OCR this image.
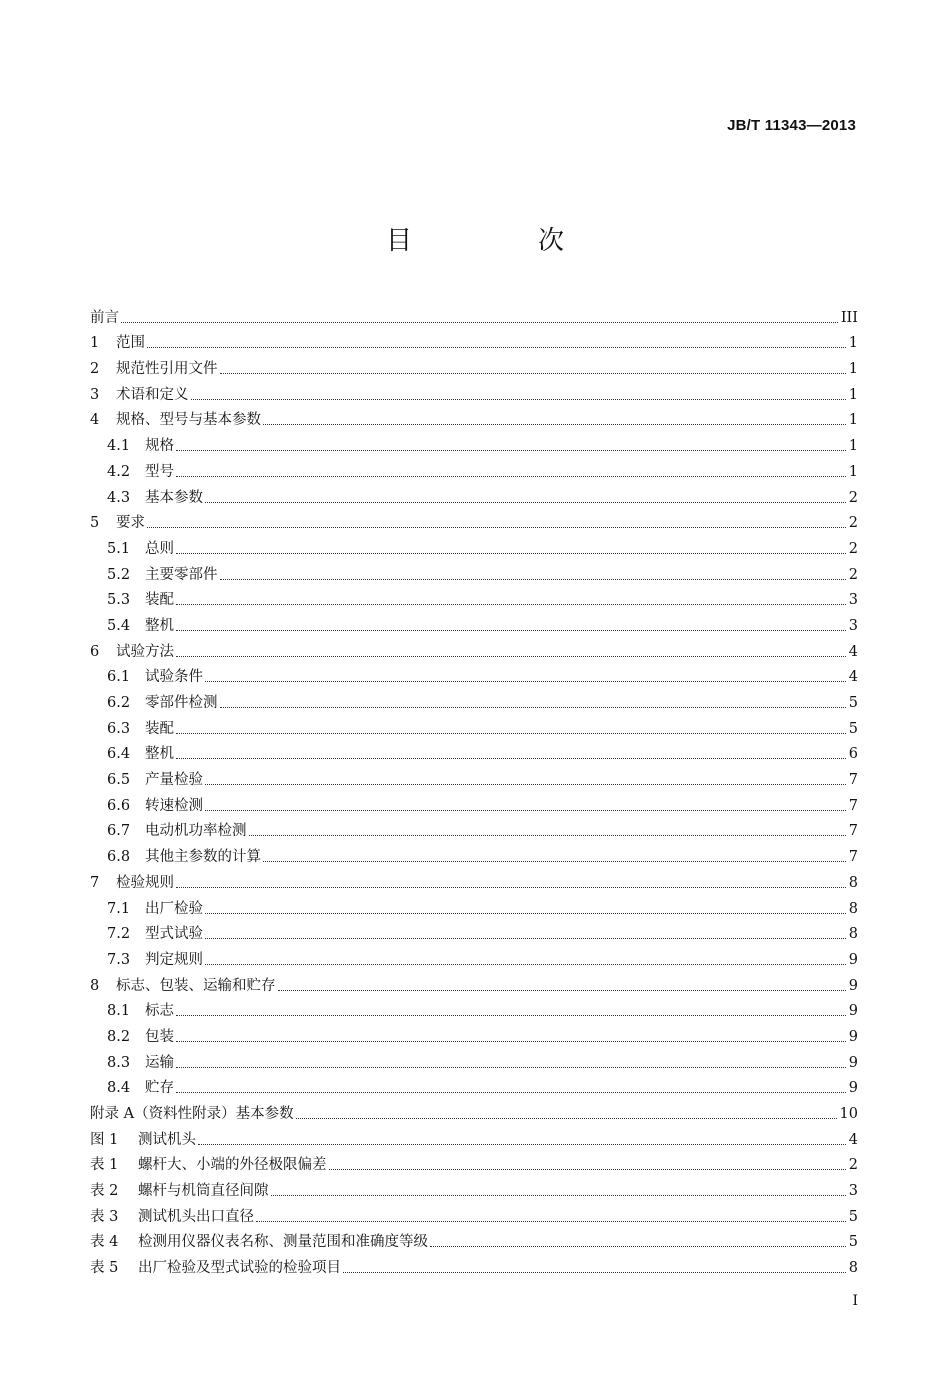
JB/T 11343—2013
目　次
前言	III
1	范围	1
2	规范性引用文件	1
3	术语和定义	1
4	规格、型号与基本参数	1
4.1	规格	1
4.2	型号	1
4.3	基本参数	2
5	要求	2
5.1	总则	2
5.2	主要零部件	2
5.3	装配	3
5.4	整机	3
6	试验方法	4
6.1	试验条件	4
6.2	零部件检测	5
6.3	装配	5
6.4	整机	6
6.5	产量检验	7
6.6	转速检测	7
6.7	电动机功率检测	7
6.8	其他主参数的计算	7
7	检验规则	8
7.1	出厂检验	8
7.2	型式试验	8
7.3	判定规则	9
8	标志、包装、运输和贮存	9
8.1	标志	9
8.2	包装	9
8.3	运输	9
8.4	贮存	9
附录 A（资料性附录）基本参数	10
图 1	测试机头	4
表 1	螺杆大、小端的外径极限偏差	2
表 2	螺杆与机筒直径间隙	3
表 3	测试机头出口直径	5
表 4	检测用仪器仪表名称、测量范围和准确度等级	5
表 5	出厂检验及型式试验的检验项目	8
I
